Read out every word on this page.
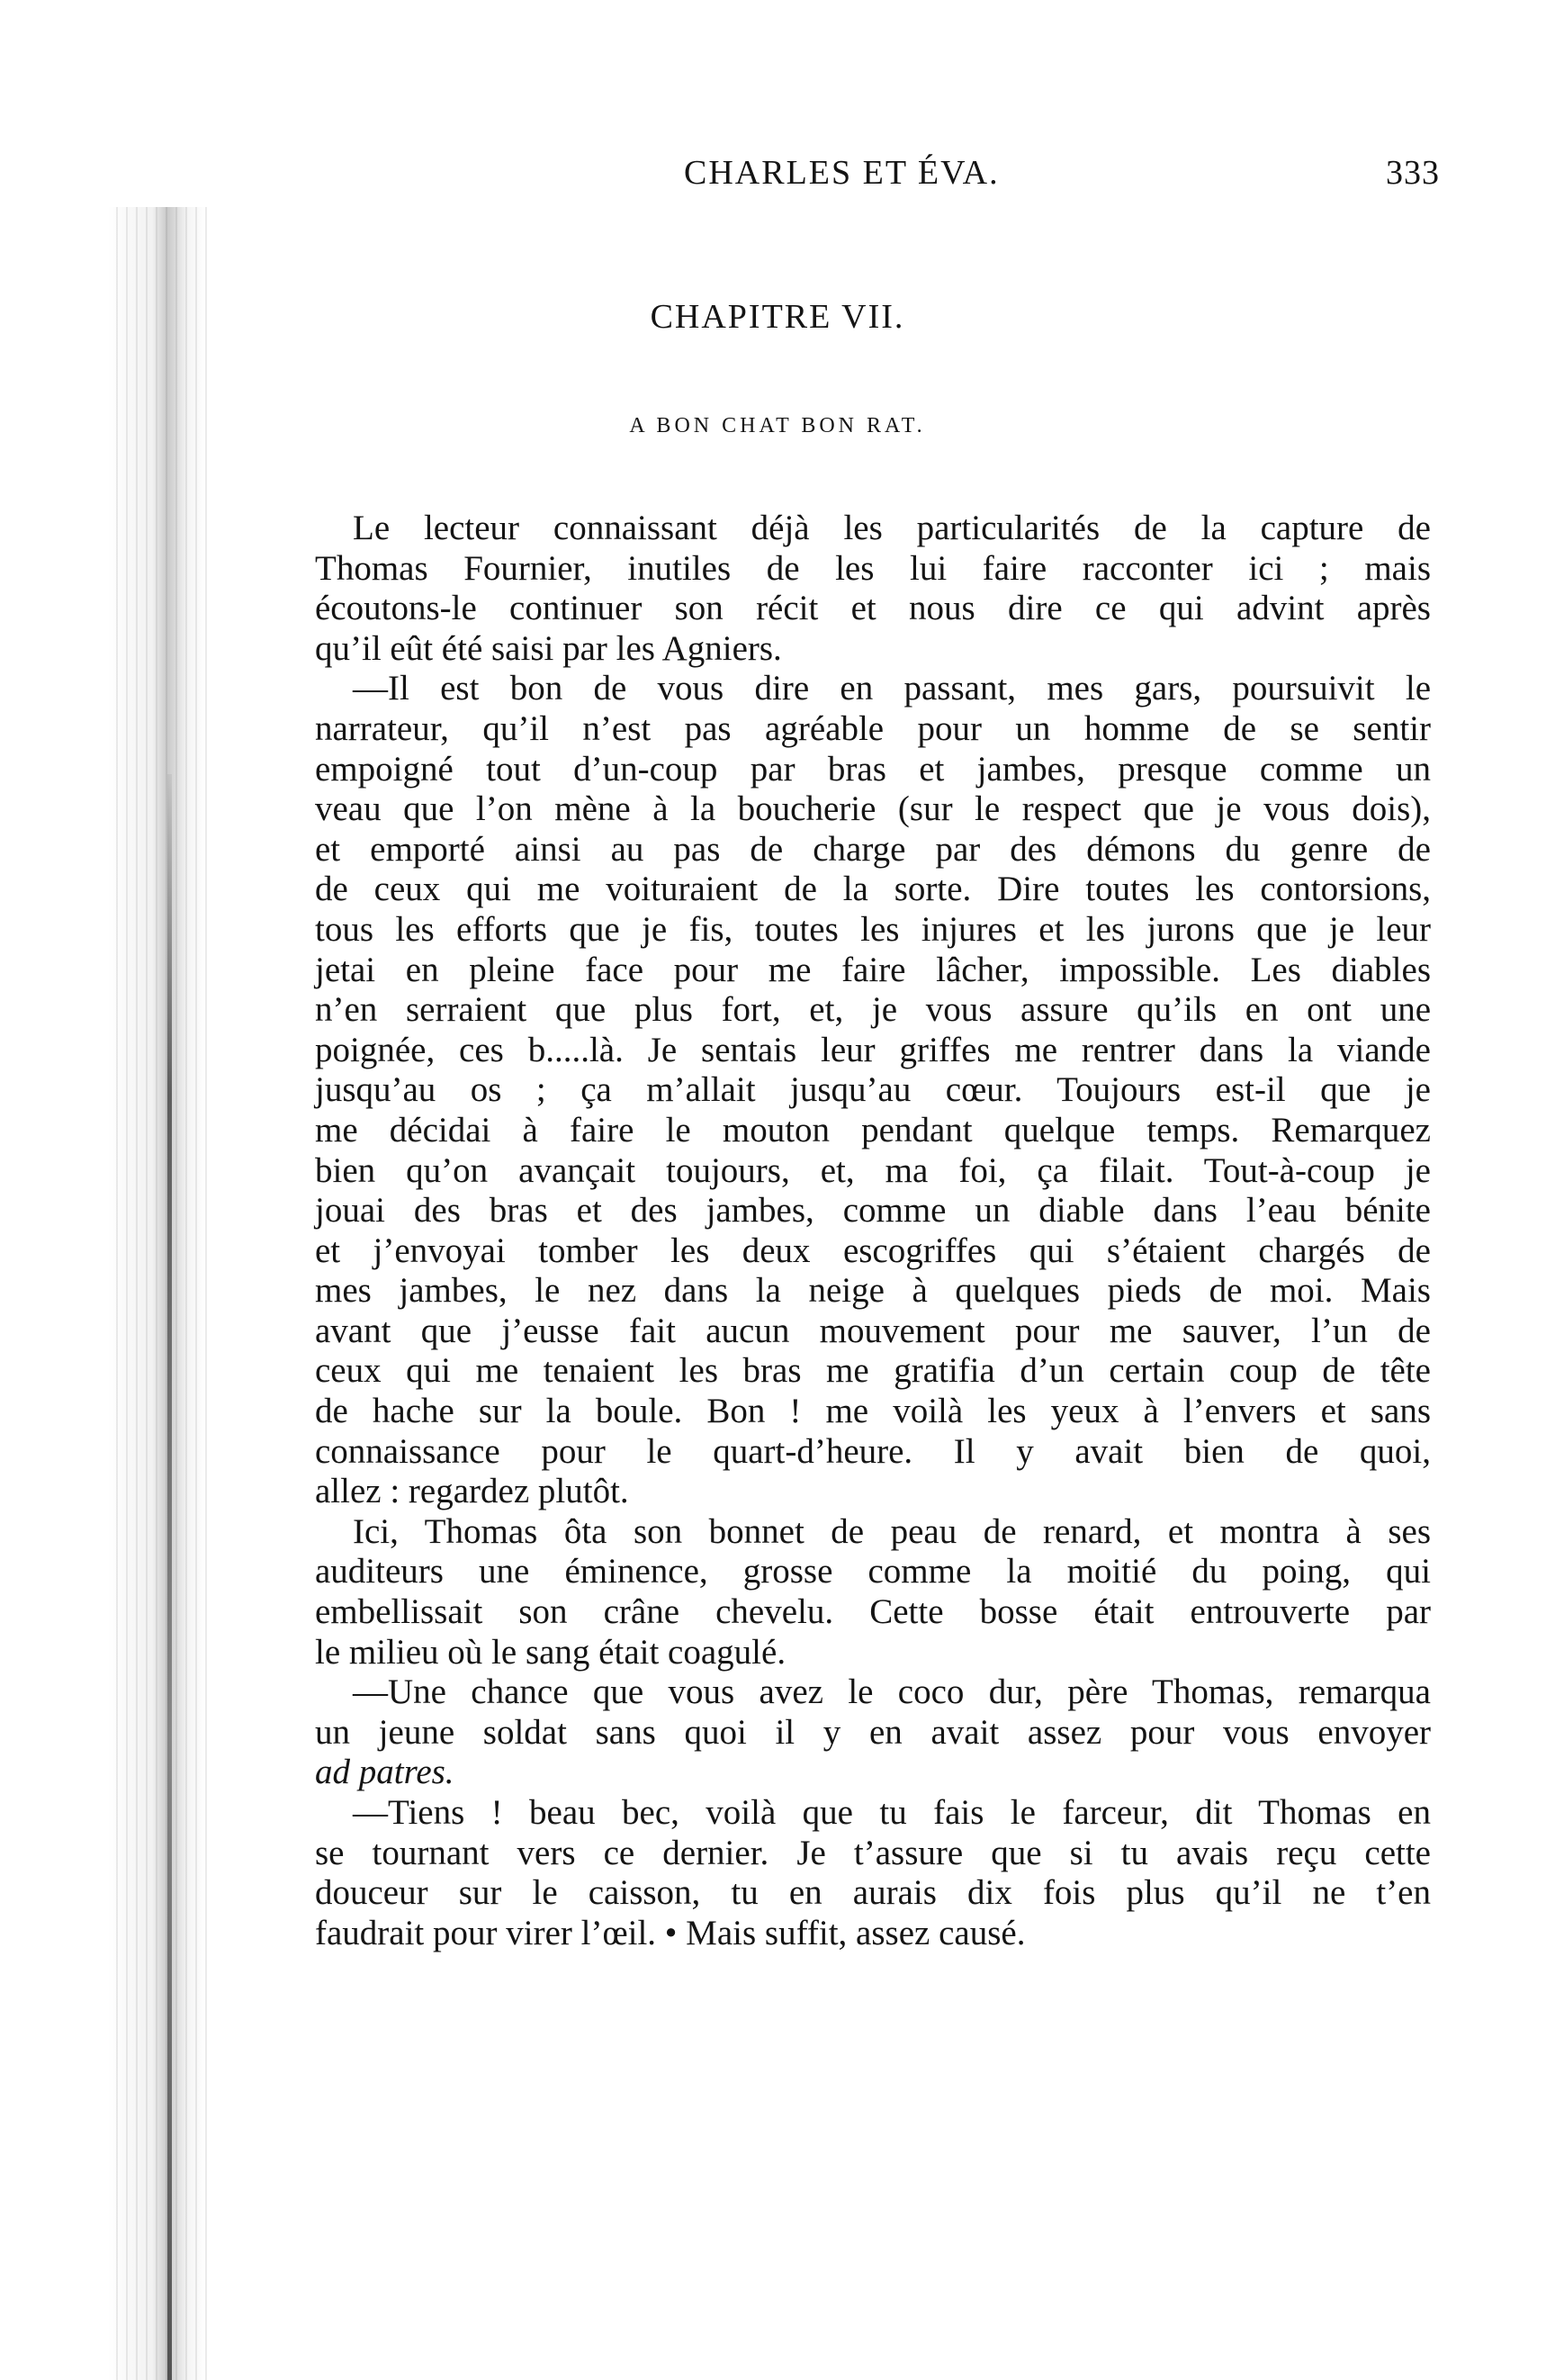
CHARLES ET ÉVA.	333
CHAPITRE VII.
A BON CHAT BON RAT.
Le lecteur connaissant déjà les particularités de la capture de
Thomas Fournier, inutiles de les lui faire racconter ici ; mais
écoutons-le continuer son récit et nous dire ce qui advint après
qu’il eût été saisi par les Agniers.
—Il est bon de vous dire en passant, mes gars, poursuivit le
narrateur, qu’il n’est pas agréable pour un homme de se sentir
empoigné tout d’un-coup par bras et jambes, presque comme un
veau que l’on mène à la boucherie (sur le respect que je vous dois),
et emporté ainsi au pas de charge par des démons du genre de
de ceux qui me voituraient de la sorte. Dire toutes les contorsions,
tous les efforts que je fis, toutes les injures et les jurons que je leur
jetai en pleine face pour me faire lâcher, impossible. Les diables
n’en serraient que plus fort, et, je vous assure qu’ils en ont une
poignée, ces b.....là. Je sentais leur griffes me rentrer dans la viande
jusqu’au os ; ça m’allait jusqu’au cœur. Toujours est-il que je
me décidai à faire le mouton pendant quelque temps. Remarquez
bien qu’on avançait toujours, et, ma foi, ça filait. Tout-à-coup je
jouai des bras et des jambes, comme un diable dans l’eau bénite
et j’envoyai tomber les deux escogriffes qui s’étaient chargés de
mes jambes, le nez dans la neige à quelques pieds de moi. Mais
avant que j’eusse fait aucun mouvement pour me sauver, l’un de
ceux qui me tenaient les bras me gratifia d’un certain coup de tête
de hache sur la boule. Bon ! me voilà les yeux à l’envers et sans
connaissance pour le quart-d’heure. Il y avait bien de quoi,
allez : regardez plutôt.
Ici, Thomas ôta son bonnet de peau de renard, et montra à ses
auditeurs une éminence, grosse comme la moitié du poing, qui
embellissait son crâne chevelu. Cette bosse était entrouverte par
le milieu où le sang était coagulé.
—Une chance que vous avez le coco dur, père Thomas, remarqua
un jeune soldat sans quoi il y en avait assez pour vous envoyer
ad patres.
—Tiens ! beau bec, voilà que tu fais le farceur, dit Thomas en
se tournant vers ce dernier. Je t’assure que si tu avais reçu cette
douceur sur le caisson, tu en aurais dix fois plus qu’il ne t’en
faudrait pour virer l’œil. • Mais suffit, assez causé.
